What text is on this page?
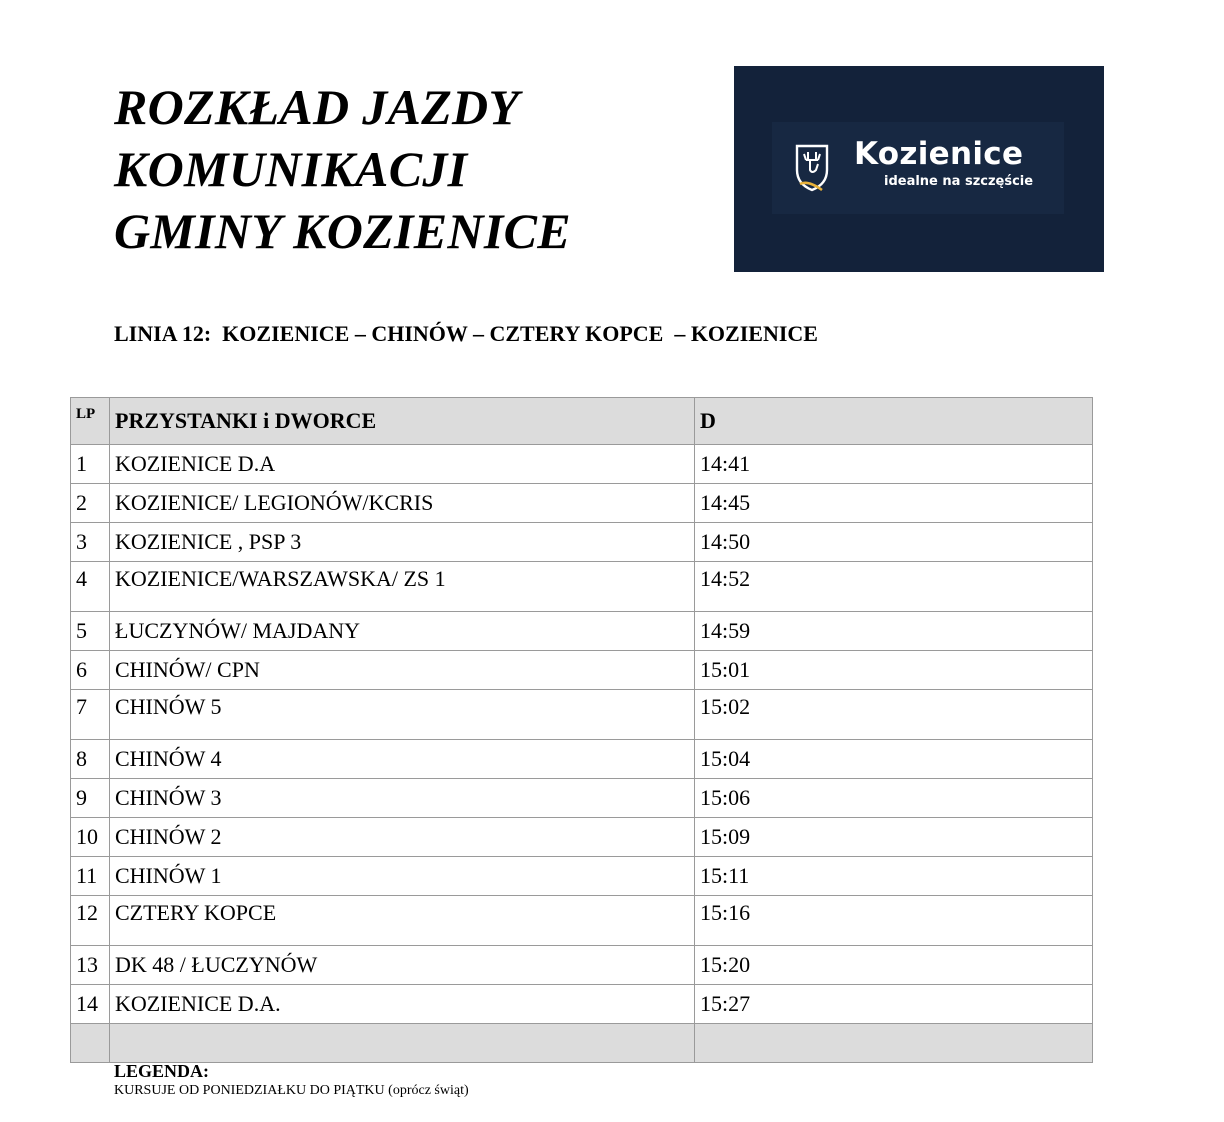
ROZKŁAD JAZDY
KOMUNIKACJI
GMINY KOZIENICE
Kozienice
idealne na szczęście
LINIA 12:  KOZIENICE – CHINÓW – CZTERY KOPCE  – KOZIENICE
LP	PRZYSTANKI i DWORCE	D
1	KOZIENICE D.A	14:41
2	KOZIENICE/ LEGIONÓW/KCRIS	14:45
3	KOZIENICE , PSP 3	14:50
4	KOZIENICE/WARSZAWSKA/ ZS 1	14:52
5	ŁUCZYNÓW/ MAJDANY	14:59
6	CHINÓW/ CPN	15:01
7	CHINÓW 5	15:02
8	CHINÓW 4	15:04
9	CHINÓW 3	15:06
10	CHINÓW 2	15:09
11	CHINÓW 1	15:11
12	CZTERY KOPCE	15:16
13	DK 48 / ŁUCZYNÓW	15:20
14	KOZIENICE D.A.	15:27

LEGENDA:
KURSUJE OD PONIEDZIAŁKU DO PIĄTKU (oprócz świąt)
